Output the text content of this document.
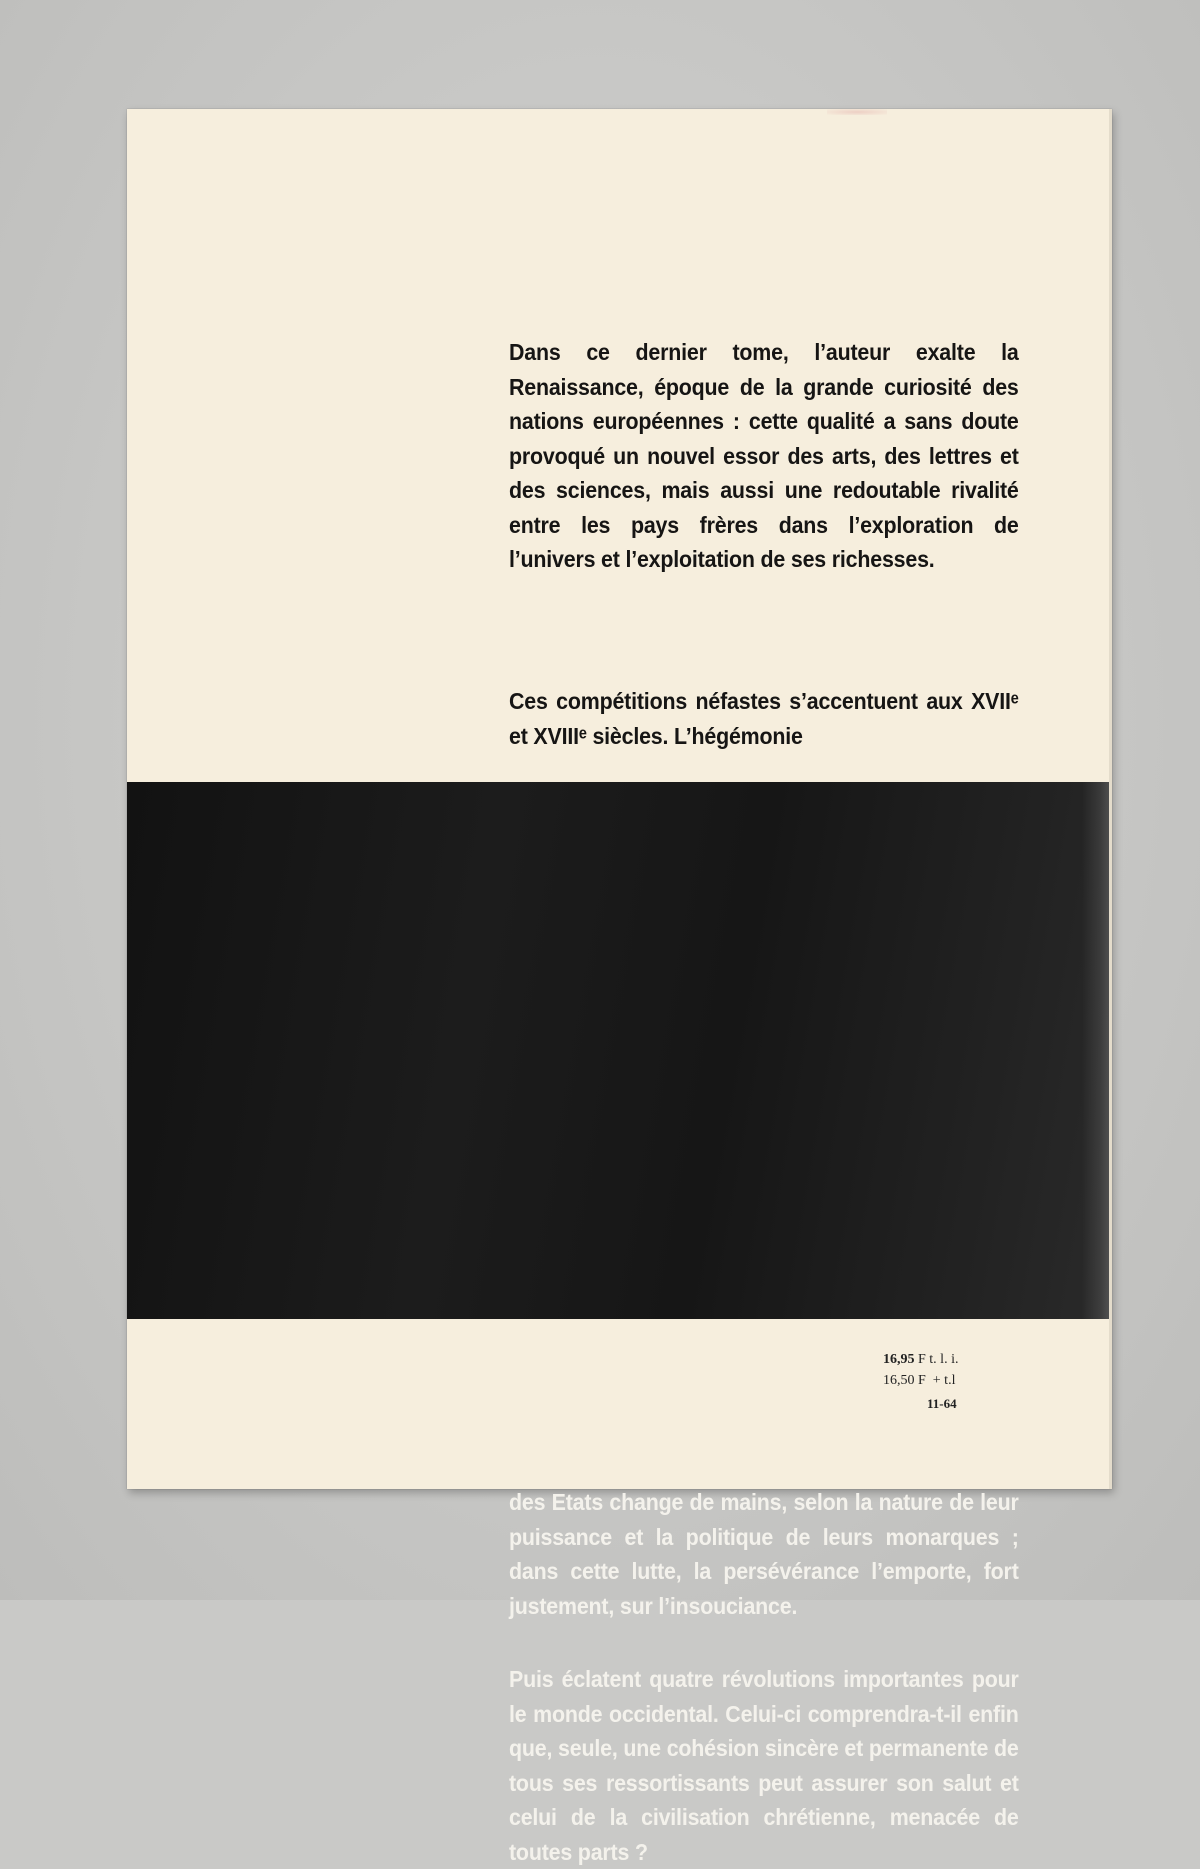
Dans ce dernier tome, l’auteur exalte la Renaissance, époque de la grande curiosité des nations européennes : cette qualité a sans doute provoqué un nouvel essor des arts, des lettres et des sciences, mais aussi une redoutable rivalité entre les pays frères dans l’exploration de l’univers et l’exploitation de ses richesses.

Ces compétitions néfastes s’accentuent aux XVIIᵉ et XVIIIᵉ siècles. L’hégémonie

des Etats change de mains, selon la nature de leur puissance et la politique de leurs monarques ; dans cette lutte, la persévérance l’emporte, fort justement, sur l’insouciance.

Puis éclatent quatre révolutions importantes pour le monde occidental. Celui-ci comprendra-t-il enfin que, seule, une cohésion sincère et permanente de tous ses ressortissants peut assurer son salut et celui de la civilisation chrétienne, menacée de toutes parts ?

16,95 F t. l. i.
16,50 F  + t.l
11-64
